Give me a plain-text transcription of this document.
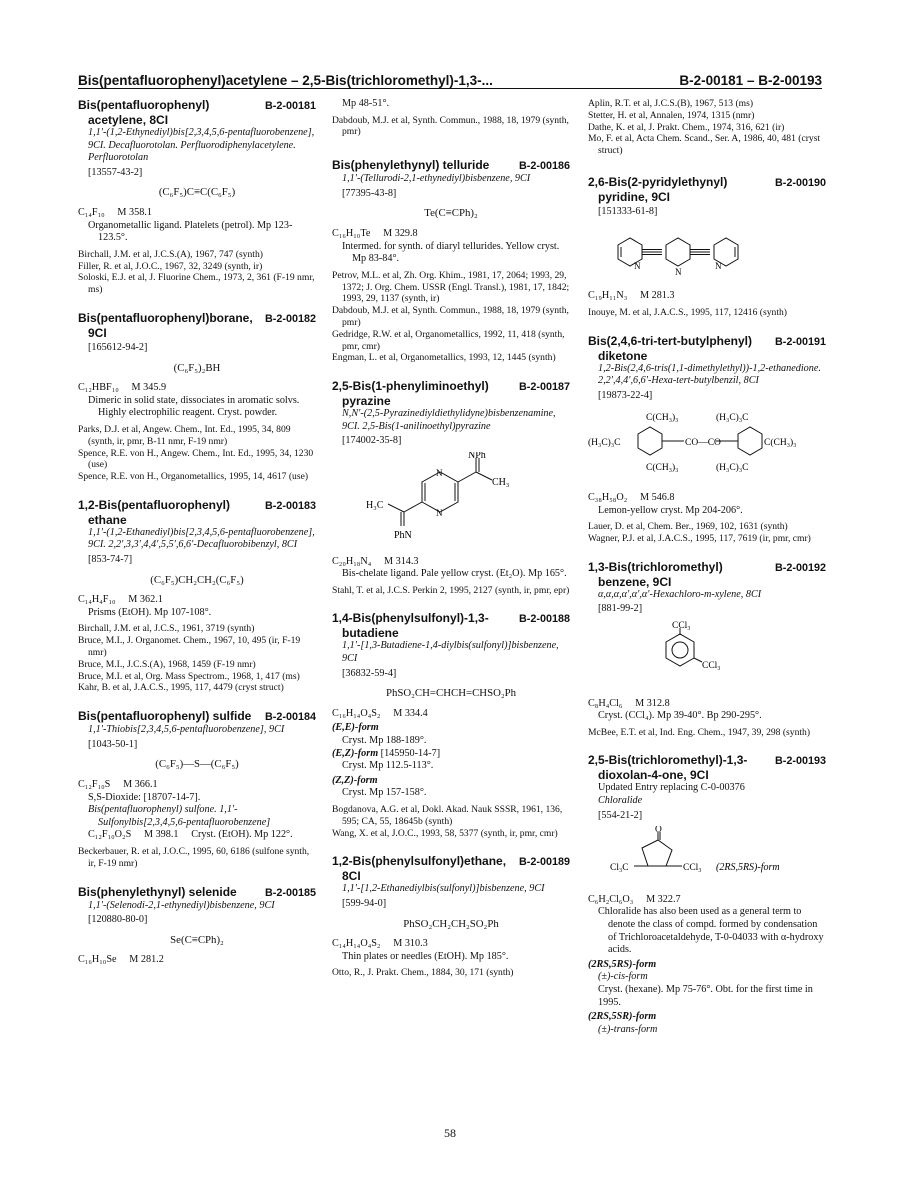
Bis(pentafluorophenyl)acetylene – 2,5-Bis(trichloromethyl)-1,3-...	B-2-00181 – B-2-00193
Bis(pentafluorophenyl)	B-2-00181
acetylene, 8CI
1,1′-(1,2-Ethynediyl)bis[2,3,4,5,6-pentafluorobenzene], 9CI. Decafluorotolan. Perfluorodiphenylacetylene. Perfluorotolan
[13557-43-2]
(C₆F₅)C≡C(C₆F₅)
C₁₄F₁₀     M 358.1
Organometallic ligand. Platelets (petrol). Mp 123-123.5°.
Birchall, J.M. et al, J.C.S.(A), 1967, 747 (synth)
Filler, R. et al, J.O.C., 1967, 32, 3249 (synth, ir)
Soloski, E.J. et al, J. Fluorine Chem., 1973, 2, 361 (F-19 nmr, ms)
Bis(pentafluorophenyl)borane,	B-2-00182
9CI
[165612-94-2]
(C₆F₅)₂BH
C₁₂HBF₁₀     M 345.9
Dimeric in solid state, dissociates in aromatic solvs. Highly electrophilic reagent. Cryst. powder.
Parks, D.J. et al, Angew. Chem., Int. Ed., 1995, 34, 809 (synth, ir, pmr, B-11 nmr, F-19 nmr)
Spence, R.E. von H., Angew. Chem., Int. Ed., 1995, 34, 1230 (use)
Spence, R.E. von H., Organometallics, 1995, 14, 4617 (use)
1,2-Bis(pentafluorophenyl)	B-2-00183
ethane
1,1′-(1,2-Ethanediyl)bis[2,3,4,5,6-pentafluorobenzene], 9CI. 2,2′,3,3′,4,4′,5,5′,6,6′-Decafluorobibenzyl, 8CI
[853-74-7]
(C₆F₅)CH₂CH₂(C₆F₅)
C₁₄H₄F₁₀     M 362.1
Prisms (EtOH). Mp 107-108°.
Birchall, J.M. et al, J.C.S., 1961, 3719 (synth)
Bruce, M.I., J. Organomet. Chem., 1967, 10, 495 (ir, F-19 nmr)
Bruce, M.I., J.C.S.(A), 1968, 1459 (F-19 nmr)
Bruce, M.I. et al, Org. Mass Spectrom., 1968, 1, 417 (ms)
Kahr, B. et al, J.A.C.S., 1995, 117, 4479 (cryst struct)
Bis(pentafluorophenyl) sulfide	B-2-00184
1,1′-Thiobis[2,3,4,5,6-pentafluorobenzene], 9CI
[1043-50-1]
(C₆F₅)—S—(C₆F₅)
C₁₂F₁₀S     M 366.1
S,S-Dioxide: [18707-14-7].
Bis(pentafluorophenyl) sulfone. 1,1′-Sulfonylbis[2,3,4,5,6-pentafluorobenzene]
C₁₂F₁₀O₂S     M 398.1     Cryst. (EtOH). Mp 122°.
Beckerbauer, R. et al, J.O.C., 1995, 60, 6186 (sulfone synth, ir, F-19 nmr)
Bis(phenylethynyl) selenide	B-2-00185
1,1′-(Selenodi-2,1-ethynediyl)bisbenzene, 9CI
[120880-80-0]
Se(C≡CPh)₂
C₁₆H₁₀Se     M 281.2
Mp 48-51°.
Dabdoub, M.J. et al, Synth. Commun., 1988, 18, 1979 (synth, pmr)
Bis(phenylethynyl) telluride	B-2-00186
1,1′-(Tellurodi-2,1-ethynediyl)bisbenzene, 9CI
[77395-43-8]
Te(C≡CPh)₂
C₁₆H₁₀Te     M 329.8
Intermed. for synth. of diaryl tellurides. Yellow cryst. Mp 83-84°.
Petrov, M.L. et al, Zh. Org. Khim., 1981, 17, 2064; 1993, 29, 1372; J. Org. Chem. USSR (Engl. Transl.), 1981, 17, 1842; 1993, 29, 1137 (synth, ir)
Dabdoub, M.J. et al, Synth. Commun., 1988, 18, 1979 (synth, pmr)
Gedridge, R.W. et al, Organometallics, 1992, 11, 418 (synth, pmr, cmr)
Engman, L. et al, Organometallics, 1993, 12, 1445 (synth)
2,5-Bis(1-phenyliminoethyl)	B-2-00187
pyrazine
N,N′-(2,5-Pyrazinediyldiethylidyne)bisbenzenamine, 9CI. 2,5-Bis(1-anilinoethyl)pyrazine
[174002-35-8]
NPh
CH₃
H₃C
PhN
N
N
C₂₀H₁₈N₄     M 314.3
Bis-chelate ligand. Pale yellow cryst. (Et₂O). Mp 165°.
Stahl, T. et al, J.C.S. Perkin 2, 1995, 2127 (synth, ir, pmr, epr)
1,4-Bis(phenylsulfonyl)-1,3-	B-2-00188
butadiene
1,1′-[1,3-Butadiene-1,4-diylbis(sulfonyl)]bisbenzene, 9CI
[36832-59-4]
PhSO₂CH=CHCH=CHSO₂Ph
C₁₆H₁₄O₄S₂     M 334.4
(E,E)-form
Cryst. Mp 188-189°.
(E,Z)-form [145950-14-7]
Cryst. Mp 112.5-113°.
(Z,Z)-form
Cryst. Mp 157-158°.
Bogdanova, A.G. et al, Dokl. Akad. Nauk SSSR, 1961, 136, 595; CA, 55, 18645b (synth)
Wang, X. et al, J.O.C., 1993, 58, 5377 (synth, ir, pmr, cmr)
1,2-Bis(phenylsulfonyl)ethane,	B-2-00189
8CI
1,1′-[1,2-Ethanediylbis(sulfonyl)]bisbenzene, 9CI
[599-94-0]
PhSO₂CH₂CH₂SO₂Ph
C₁₄H₁₄O₄S₂     M 310.3
Thin plates or needles (EtOH). Mp 185°.
Otto, R., J. Prakt. Chem., 1884, 30, 171 (synth)
Aplin, R.T. et al, J.C.S.(B), 1967, 513 (ms)
Stetter, H. et al, Annalen, 1974, 1315 (nmr)
Dathe, K. et al, J. Prakt. Chem., 1974, 316, 621 (ir)
Mo, F. et al, Acta Chem. Scand., Ser. A, 1986, 40, 481 (cryst struct)
2,6-Bis(2-pyridylethynyl)	B-2-00190
pyridine, 9CI
[151333-61-8]
N
N
N
C₁₉H₁₁N₃     M 281.3
Inouye, M. et al, J.A.C.S., 1995, 117, 12416 (synth)
Bis(2,4,6-tri-tert-butylphenyl)	B-2-00191
diketone
1,2-Bis(2,4,6-tris(1,1-dimethylethyl))-1,2-ethanedione. 2,2′,4,4′,6,6′-Hexa-tert-butylbenzil, 8CI
[19873-22-4]
C(CH₃)₃
C(CH₃)₃
(H₃C)₃C	CO—CO
(H₃C)₃C
(H₃C)₃C
C(CH₃)₃
C₃₈H₅₈O₂     M 546.8
Lemon-yellow cryst. Mp 204-206°.
Lauer, D. et al, Chem. Ber., 1969, 102, 1631 (synth)
Wagner, P.J. et al, J.A.C.S., 1995, 117, 7619 (ir, pmr, cmr)
1,3-Bis(trichloromethyl)	B-2-00192
benzene, 9CI
α,α,α,α′,α′,α′-Hexachloro-m-xylene, 8CI
[881-99-2]
CCl₃
CCl₃
C₈H₄Cl₆     M 312.8
Cryst. (CCl₄). Mp 39-40°. Bp 290-295°.
McBee, E.T. et al, Ind. Eng. Chem., 1947, 39, 298 (synth)
2,5-Bis(trichloromethyl)-1,3-	B-2-00193
dioxolan-4-one, 9CI
Updated Entry replacing C-0-00376
Chloralide
[554-21-2]
O
Cl₃C	CCl₃ (2RS,5RS)-form
C₆H₂Cl₆O₃     M 322.7
Chloralide has also been used as a general term to denote the class of compd. formed by condensation of Trichloroacetaldehyde, T-0-04033 with α-hydroxy acids.
(2RS,5RS)-form
(±)-cis-form
Cryst. (hexane). Mp 75-76°. Obt. for the first time in 1995.
(2RS,5SR)-form
(±)-trans-form
58
